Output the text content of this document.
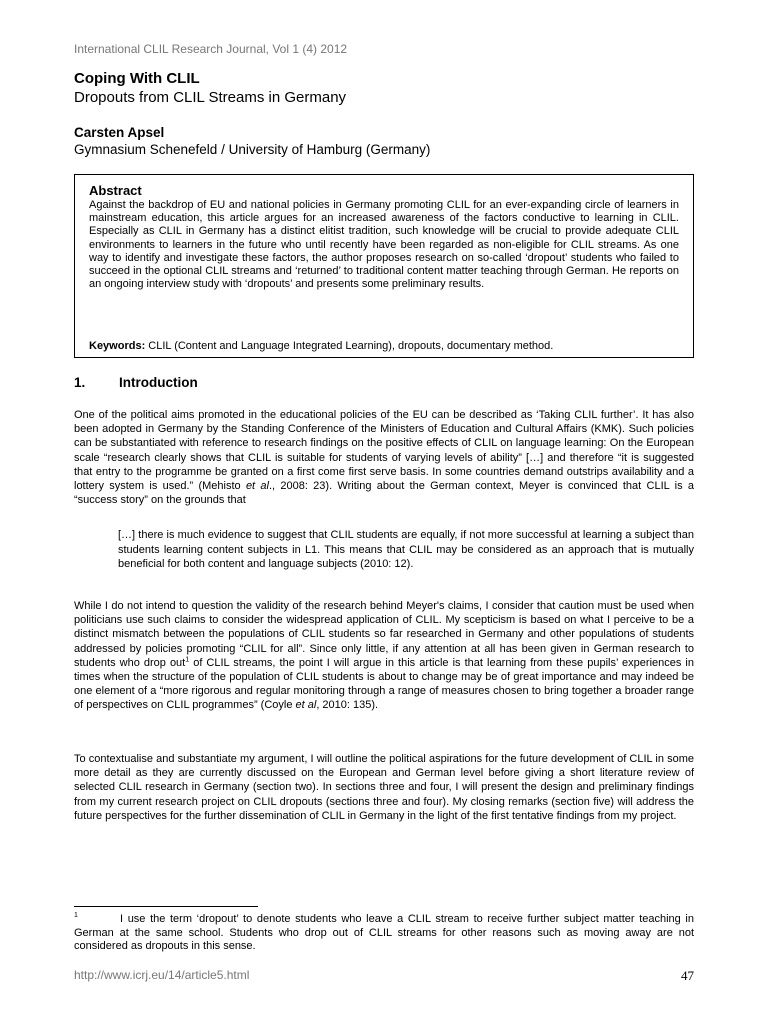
International CLIL Research Journal, Vol 1 (4) 2012
Coping With CLIL
Dropouts from CLIL Streams in Germany
Carsten Apsel
Gymnasium Schenefeld / University of Hamburg (Germany)
Abstract

Against the backdrop of EU and national policies in Germany promoting CLIL for an ever-expanding circle of learners in mainstream education, this article argues for an increased awareness of the factors conductive to learning in CLIL. Especially as CLIL in Germany has a distinct elitist tradition, such knowledge will be crucial to provide adequate CLIL environments to learners in the future who until recently have been regarded as non-eligible for CLIL streams. As one way to identify and investigate these factors, the author proposes research on so-called ‘dropout’ students who failed to succeed in the optional CLIL streams and ‘returned’ to traditional content matter teaching through German. He reports on an ongoing interview study with ‘dropouts’ and presents some preliminary results.

Keywords: CLIL (Content and Language Integrated Learning), dropouts, documentary method.
1. Introduction

One of the political aims promoted in the educational policies of the EU can be described as ‘Taking CLIL further’. It has also been adopted in Germany by the Standing Conference of the Ministers of Education and Cultural Affairs (KMK). Such policies can be substantiated with reference to research findings on the positive effects of CLIL on language learning: On the European scale “research clearly shows that CLIL is suitable for students of varying levels of ability” […] and therefore “it is suggested that entry to the programme be granted on a first come first serve basis. In some countries demand outstrips availability and a lottery system is used.” (Mehisto et al., 2008: 23). Writing about the German context, Meyer is convinced that CLIL is a “success story” on the grounds that

[…] there is much evidence to suggest that CLIL students are equally, if not more successful at learning a subject than students learning content subjects in L1. This means that CLIL may be considered as an approach that is mutually beneficial for both content and language subjects (2010: 12).

While I do not intend to question the validity of the research behind Meyer's claims, I consider that caution must be used when politicians use such claims to consider the widespread application of CLIL. My scepticism is based on what I perceive to be a distinct mismatch between the populations of CLIL students so far researched in Germany and other populations of students addressed by policies promoting “CLIL for all”. Since only little, if any attention at all has been given in German research to students who drop out$^1$ of CLIL streams, the point I will argue in this article is that learning from these pupils’ experiences in times when the structure of the population of CLIL students is about to change may be of great importance and may indeed be one element of a “more rigorous and regular monitoring through a range of measures chosen to bring together a broader range of perspectives on CLIL programmes” (Coyle et al, 2010: 135).

To contextualise and substantiate my argument, I will outline the political aspirations for the future development of CLIL in some more detail as they are currently discussed on the European and German level before giving a short literature review of selected CLIL research in Germany (section two). In sections three and four, I will present the design and preliminary findings from my current research project on CLIL dropouts (sections three and four). My closing remarks (section five) will address the future perspectives for the further dissemination of CLIL in Germany in the light of the first tentative findings from my project.

1	I use the term ‘dropout’ to denote students who leave a CLIL stream to receive further subject matter teaching in German at the same school. Students who drop out of CLIL streams for other reasons such as moving away are not considered as dropouts in this sense.
http://www.icrj.eu/14/article5.html	47
